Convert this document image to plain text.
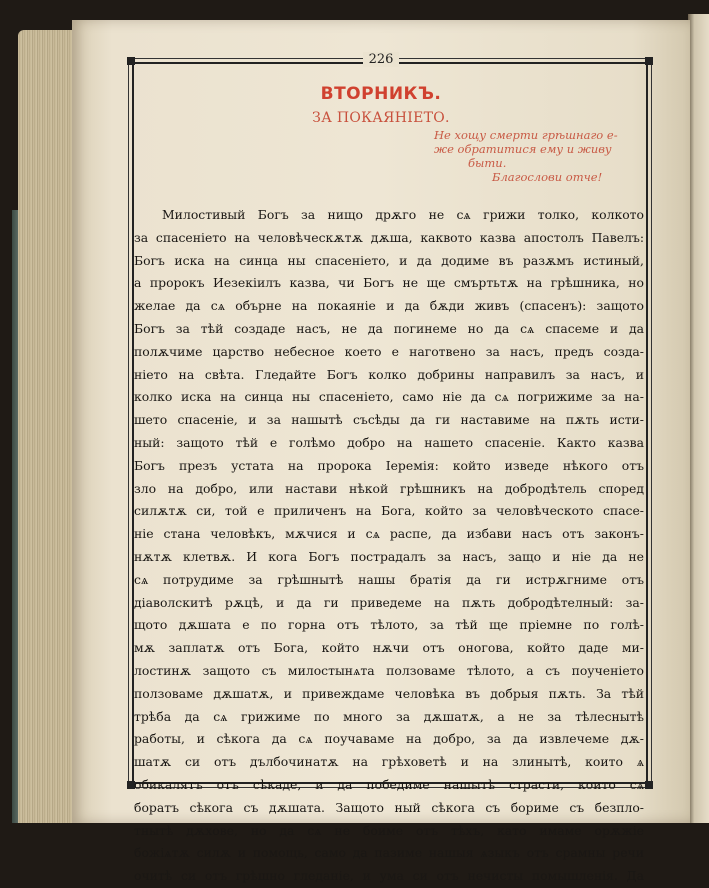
226
ВТОРНИКЪ.
ЗА ПОКАЯНІЕТО.
Не хощу смерти грѣшнаго е-
же обратитися ему и живу
быти.
Благослови отче!
Милостивый Богъ за нищо дрѫго не сѧ грижи толко, колкото
за спасеніето на человѣческѫтѫ дѫша, каквото казва апостолъ Павелъ:
Богъ иска на синца ны спасеніето, и да додиме въ разѫмъ истиный,
а пророкъ Иезекіилъ казва, чи Богъ не ще смъртьтѫ на грѣшника, но
желае да сѧ обърне на покаяніе и да бѫди живъ (спасенъ): защото
Богъ за тѣй создаде насъ, не да погинеме но да сѧ спасеме и да
полѫчиме царство небесное което е наготвено за насъ, предъ созда-
ніето на свѣта. Гледайте Богъ колко добрины направилъ за насъ, и
колко иска на синца ны спасеніето, само ніе да сѧ погрижиме за на-
шето спасеніе, и за нашытѣ съсѣды да ги наставиме на пѫть исти-
ный: защото тѣй е голѣмо добро на нашето спасеніе. Както казва
Богъ презъ устата на пророка Іеремія: който изведе нѣкого отъ
зло на добро, или настави нѣкой грѣшникъ на добродѣтель според
силѫтѫ си, той е приличенъ на Бога, който за человѣческото спасе-
ніе стана человѣкъ, мѫчися и сѧ распе, да избави насъ отъ законъ-
нѫтѫ клетвѫ. И кога Богъ пострадалъ за насъ, защо и ніе да не
сѧ потрудиме за грѣшнытѣ нашы братія да ги истрѫгниме отъ
діаволскитѣ рѫцѣ, и да ги приведеме на пѫть добродѣтелный: за-
щото дѫшата е по горна отъ тѣлото, за тѣй ще пріемне по голѣ-
мѫ заплатѫ отъ Бога, който нѫчи отъ оногова, който даде ми-
лостинѫ защото съ милостынѧта ползоваме тѣлото, а съ поученіето
ползоваме дѫшатѫ, и привеждаме человѣка въ добрыя пѫть. За тѣй
трѣба да сѧ грижиме по много за дѫшатѫ, а не за тѣлеснытѣ
работы, и сѣкога да сѧ поучаваме на добро, за да извлечеме дѫ-
шатѫ си отъ дълбочинатѫ на грѣховетѣ и на злинытѣ, които ѧ
обикалятъ отъ сѣкаде, и да победиме нашытѣ страсти, които сѧ
боратъ сѣкога съ дѫшата. Защото ный сѣкога съ бориме съ безпло-
тнытѣ дѫхове, но да сѧ не боиме отъ тѣхъ, като имаме орѫжіе
божіѧтѫ силѫ и помощь, само да пазиме нашыя ѧзыкъ отъ срамны речи
очитѣ си отъ грѣшно гледаніе, и ума си отъ нечисты помышленія. Да
